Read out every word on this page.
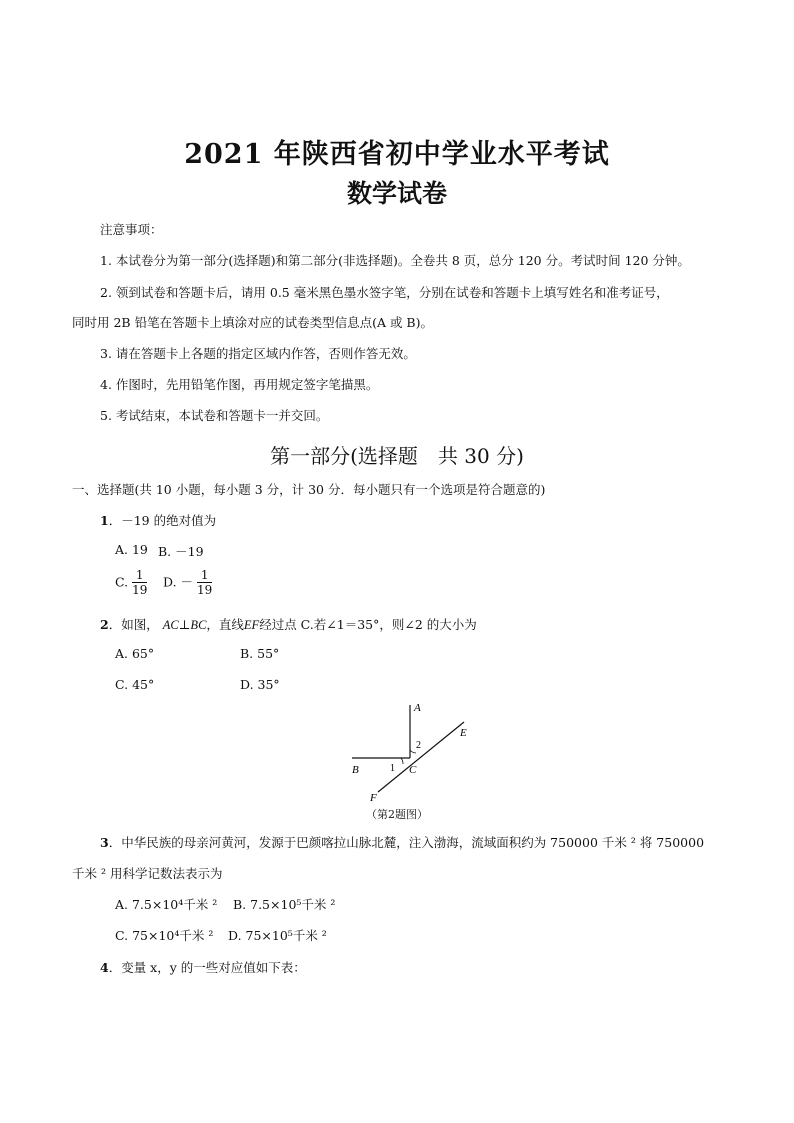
2021 年陕西省初中学业水平考试
数学试卷
注意事项：
1. 本试卷分为第一部分(选择题)和第二部分(非选择题)。全卷共 8 页，总分 120 分。考试时间 120 分钟。
2. 领到试卷和答题卡后，请用 0.5 毫米黑色墨水签字笔，分别在试卷和答题卡上填写姓名和准考证号，
同时用 2B 铅笔在答题卡上填涂对应的试卷类型信息点(A 或 B)。
3. 请在答题卡上各题的指定区域内作答，否则作答无效。
4. 作图时，先用铅笔作图，再用规定签字笔描黑。
5. 考试结束，本试卷和答题卡一并交回。
第一部分(选择题　共 30 分)
一、选择题(共 10 小题，每小题 3 分，计 30 分．每小题只有一个选项是符合题意的)
1．－19 的绝对值为
A. 19 B. －19
C. $\frac{1}{19} D$. － $\frac{1}{19}$
2．如图， AC⊥BC，直线EF经过点 C.若∠1＝35°，则∠2 的大小为
A. 65°	B. 55°
C. 45°	D. 35°
A
B	C
E
F
1
2
（第2题图）
3．中华民族的母亲河黄河，发源于巴颜喀拉山脉北麓，注入渤海，流域面积约为 750000 千米 ² 将 750000
千米 ² 用科学记数法表示为
A. 7.5×10⁴千米 ² B. 7.5×10⁵千米 ²
C. 75×10⁴千米 ² D. 75×10⁵千米 ²
4．变量 x，y 的一些对应值如下表：
